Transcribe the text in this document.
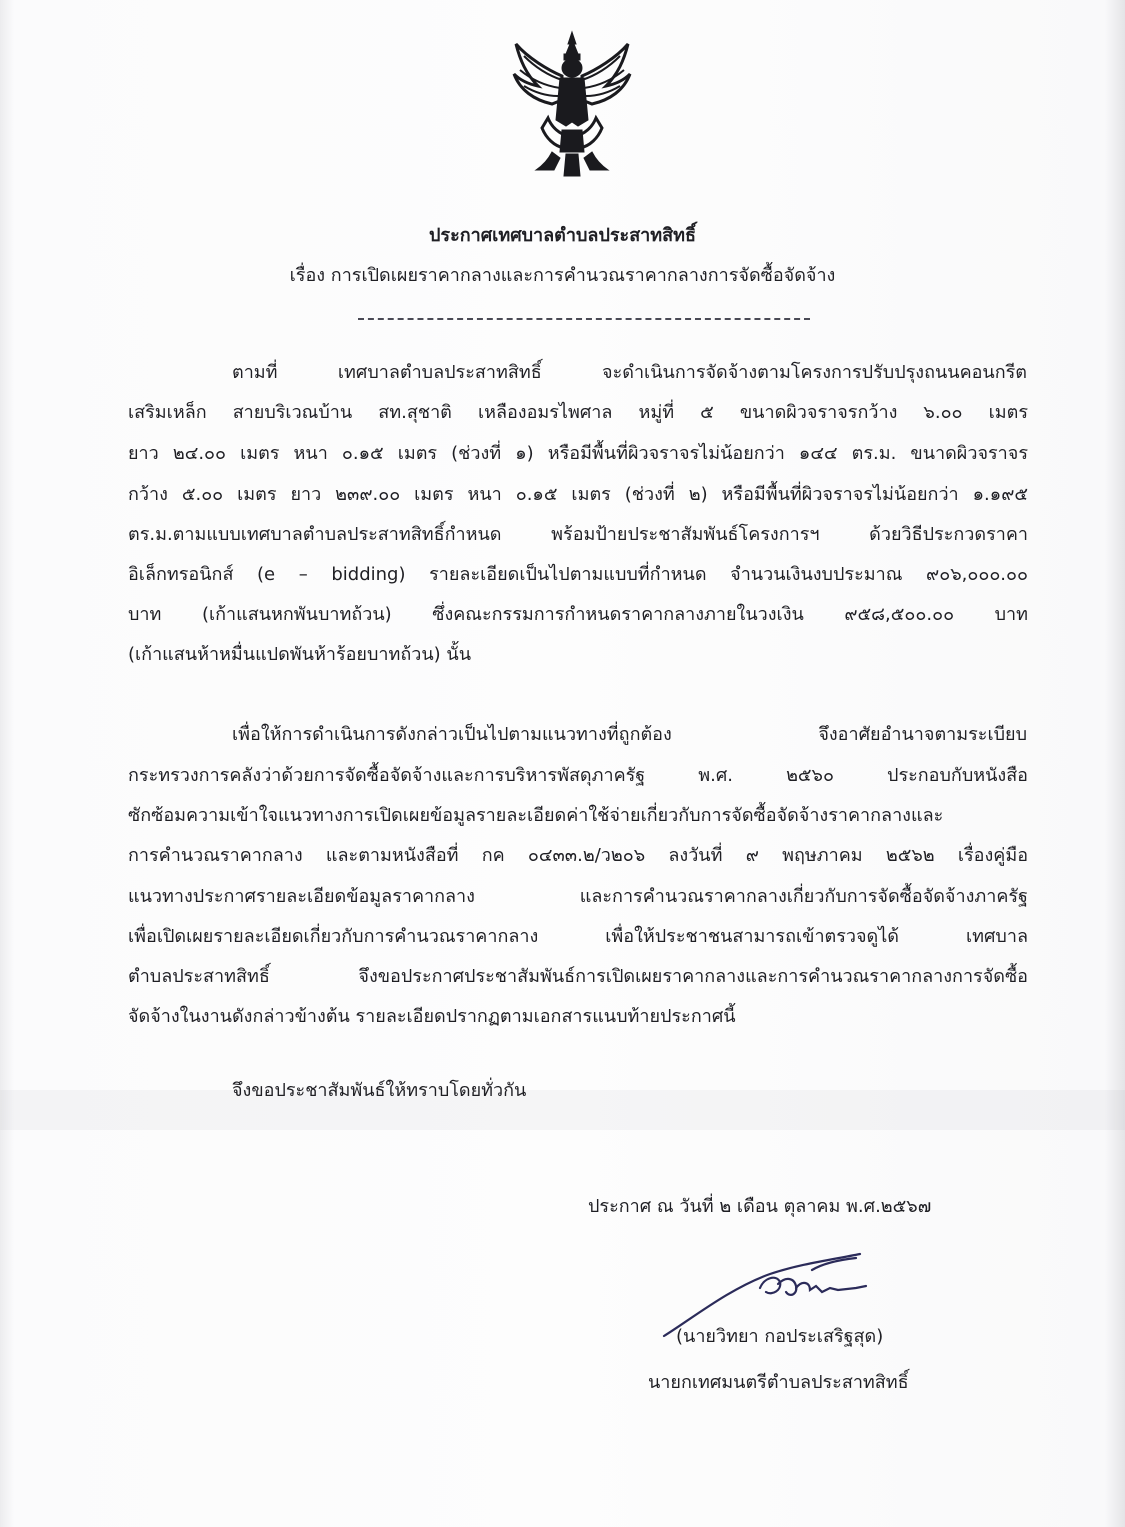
ประกาศเทศบาลตำบลประสาทสิทธิ์
เรื่อง การเปิดเผยราคากลางและการคำนวณราคากลางการจัดซื้อจัดจ้าง
ตามที่ เทศบาลตำบลประสาทสิทธิ์ จะดำเนินการจัดจ้างตามโครงการปรับปรุงถนนคอนกรีต
เสริมเหล็ก สายบริเวณบ้าน สท.สุชาติ เหลืองอมรไพศาล หมู่ที่ ๕ ขนาดผิวจราจรกว้าง ๖.๐๐ เมตร
ยาว ๒๔.๐๐ เมตร หนา ๐.๑๕ เมตร (ช่วงที่ ๑) หรือมีพื้นที่ผิวจราจรไม่น้อยกว่า ๑๔๔ ตร.ม. ขนาดผิวจราจร
กว้าง ๕.๐๐ เมตร ยาว ๒๓๙.๐๐ เมตร หนา ๐.๑๕ เมตร (ช่วงที่ ๒) หรือมีพื้นที่ผิวจราจรไม่น้อยกว่า ๑.๑๙๕
ตร.ม.ตามแบบเทศบาลตำบลประสาทสิทธิ์กำหนด พร้อมป้ายประชาสัมพันธ์โครงการฯ ด้วยวิธีประกวดราคา
อิเล็กทรอนิกส์ (e – bidding) รายละเอียดเป็นไปตามแบบที่กำหนด จำนวนเงินงบประมาณ ๙๐๖,๐๐๐.๐๐
บาท (เก้าแสนหกพันบาทถ้วน) ซึ่งคณะกรรมการกำหนดราคากลางภายในวงเงิน ๙๕๘,๕๐๐.๐๐ บาท
(เก้าแสนห้าหมื่นแปดพันห้าร้อยบาทถ้วน) นั้น
เพื่อให้การดำเนินการดังกล่าวเป็นไปตามแนวทางที่ถูกต้อง จึงอาศัยอำนาจตามระเบียบ
กระทรวงการคลังว่าด้วยการจัดซื้อจัดจ้างและการบริหารพัสดุภาครัฐ พ.ศ. ๒๕๖๐ ประกอบกับหนังสือ
ซักซ้อมความเข้าใจแนวทางการเปิดเผยข้อมูลรายละเอียดค่าใช้จ่ายเกี่ยวกับการจัดซื้อจัดจ้างราคากลางและ
การคำนวณราคากลาง และตามหนังสือที่ กค ๐๔๓๓.๒/ว๒๐๖ ลงวันที่ ๙ พฤษภาคม ๒๕๖๒ เรื่องคู่มือ
แนวทางประกาศรายละเอียดข้อมูลราคากลาง และการคำนวณราคากลางเกี่ยวกับการจัดซื้อจัดจ้างภาครัฐ
เพื่อเปิดเผยรายละเอียดเกี่ยวกับการคำนวณราคากลาง เพื่อให้ประชาชนสามารถเข้าตรวจดูได้ เทศบาล
ตำบลประสาทสิทธิ์ จึงขอประกาศประชาสัมพันธ์การเปิดเผยราคากลางและการคำนวณราคากลางการจัดซื้อ
จัดจ้างในงานดังกล่าวข้างต้น รายละเอียดปรากฏตามเอกสารแนบท้ายประกาศนี้
จึงขอประชาสัมพันธ์ให้ทราบโดยทั่วกัน
ประกาศ ณ วันที่ ๒ เดือน ตุลาคม พ.ศ.๒๕๖๗
(นายวิทยา กอประเสริฐสุด)
นายกเทศมนตรีตำบลประสาทสิทธิ์
